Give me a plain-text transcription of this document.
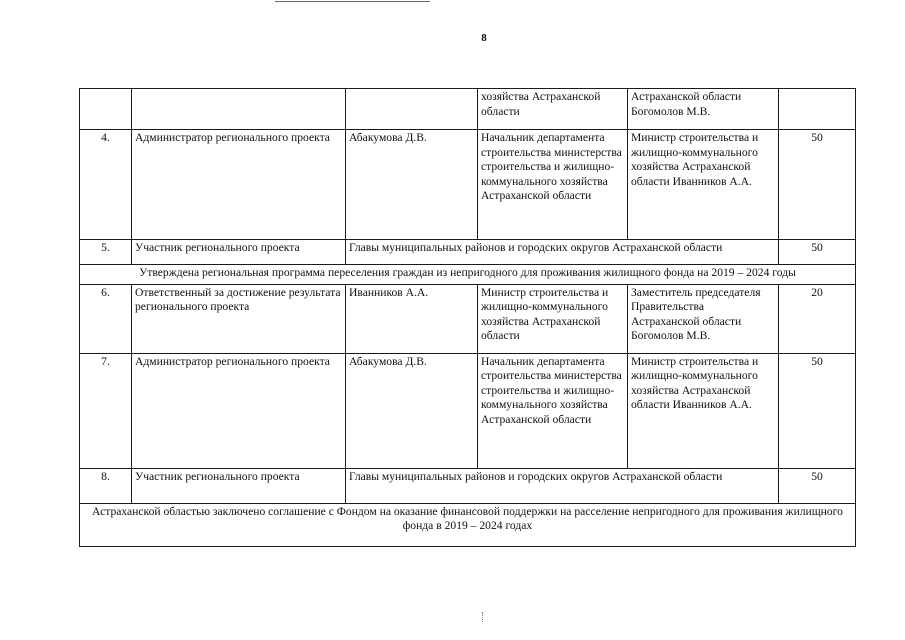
8
			хозяйства Астраханской области	Астраханской области Богомолов М.В.	
4.	Администратор регионального проекта	Абакумова Д.В.	Начальник департамента строительства министерства строительства и жилищно-коммунального хозяйства Астраханской области	Министр строительства и жилищно-коммунального хозяйства Астраханской области Иванников А.А.	50
5.	Участник регионального проекта	Главы муниципальных районов и городских округов Астраханской области			50
Утверждена региональная программа переселения граждан из непригодного для проживания жилищного фонда на 2019 – 2024 годы					
6.	Ответственный за достижение результата регионального проекта	Иванников А.А.	Министр строительства и жилищно-коммунального хозяйства Астраханской области	Заместитель председателя Правительства Астраханской области Богомолов М.В.	20
7.	Администратор регионального проекта	Абакумова Д.В.	Начальник департамента строительства министерства строительства и жилищно-коммунального хозяйства Астраханской области	Министр строительства и жилищно-коммунального хозяйства Астраханской области Иванников А.А.	50
8.	Участник регионального проекта	Главы муниципальных районов и городских округов Астраханской области			50
Астраханской областью заключено соглашение с Фондом на оказание финансовой поддержки на расселение непригодного для проживания жилищного фонда в 2019 – 2024 годах					
